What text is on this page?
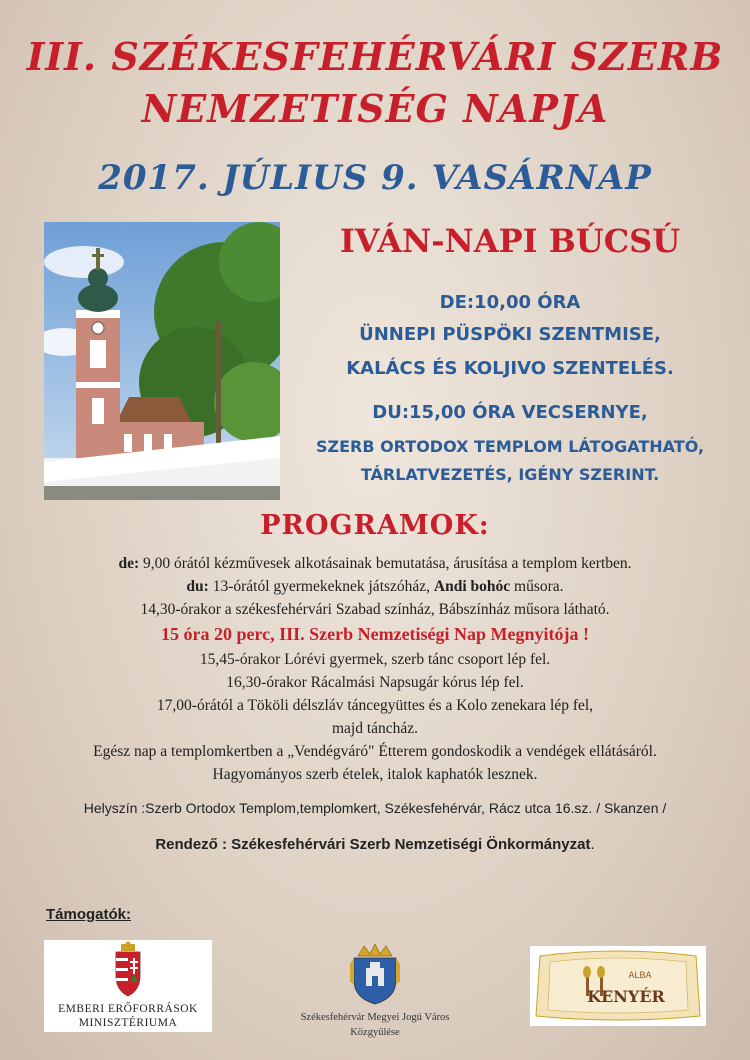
III. SZÉKESFEHÉRVÁRI SZERB
NEMZETISÉG NAPJA
2017. JÚLIUS 9. VASÁRNAP
IVÁN-NAPI BÚCSÚ
DE:10,00 ÓRA
ÜNNEPI PÜSPÖKI SZENTMISE,
KALÁCS ÉS KOLJIVO SZENTELÉS.
DU:15,00 ÓRA VECSERNYE,
SZERB ORTODOX TEMPLOM LÁTOGATHATÓ,
TÁRLATVEZETÉS, IGÉNY SZERINT.
PROGRAMOK:
de: 9,00 órától kézművesek alkotásainak bemutatása, árusítása a templom kertben.
du: 13-órától gyermekeknek játszóház, Andi bohóc műsora.
14,30-órakor a székesfehérvári Szabad színház, Bábszínház műsora látható.
15 óra 20 perc, III. Szerb Nemzetiségi Nap Megnyitója !
15,45-órakor Lórévi gyermek, szerb tánc csoport lép fel.
16,30-órakor Rácalmási Napsugár kórus lép fel.
17,00-órától a Tököli délszláv táncegyüttes és a Kolo zenekara lép fel,
majd táncház.
Egész nap a templomkertben a „Vendégváró" Étterem gondoskodik a vendégek ellátásáról.
Hagyományos szerb ételek, italok kaphatók lesznek.
Helyszín :Szerb Ortodox Templom,templomkert, Székesfehérvár, Rácz utca 16.sz. / Skanzen /
Rendező : Székesfehérvári Szerb Nemzetiségi Önkormányzat.
Támogatók:
EMBERI ERŐFORRÁSOK
MINISZTÉRIUMA	Székesfehérvár Megyei Jogú Város
Közgyűlése
ALBA
KENYÉR
